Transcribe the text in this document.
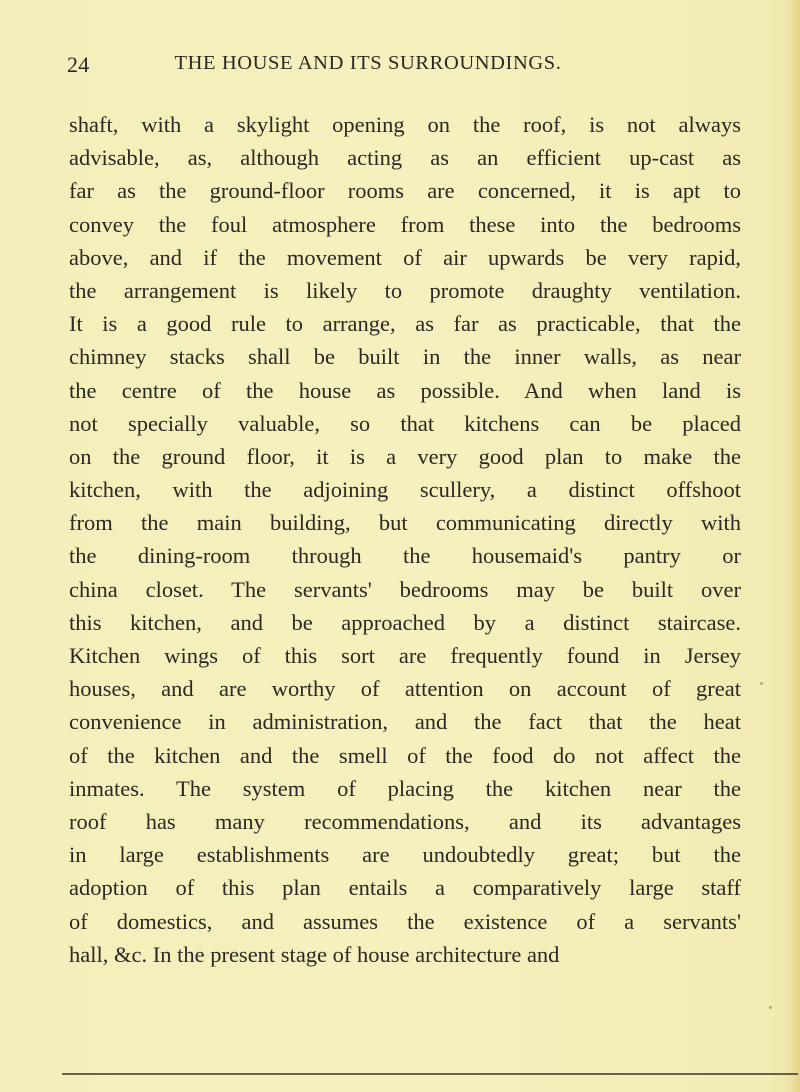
24	THE HOUSE AND ITS SURROUNDINGS.
shaft, with a skylight opening on the roof, is not always
advisable, as, although acting as an efficient up-cast as
far as the ground-floor rooms are concerned, it is apt to
convey the foul atmosphere from these into the bedrooms
above, and if the movement of air upwards be very rapid,
the arrangement is likely to promote draughty ventilation.
It is a good rule to arrange, as far as practicable, that the
chimney stacks shall be built in the inner walls, as near
the centre of the house as possible. And when land is
not specially valuable, so that kitchens can be placed
on the ground floor, it is a very good plan to make the
kitchen, with the adjoining scullery, a distinct offshoot
from the main building, but communicating directly with
the dining-room through the housemaid's pantry or
china closet. The servants' bedrooms may be built over
this kitchen, and be approached by a distinct staircase.
Kitchen wings of this sort are frequently found in Jersey
houses, and are worthy of attention on account of great
convenience in administration, and the fact that the heat
of the kitchen and the smell of the food do not affect the
inmates. The system of placing the kitchen near the
roof has many recommendations, and its advantages
in large establishments are undoubtedly great; but the
adoption of this plan entails a comparatively large staff
of domestics, and assumes the existence of a servants'
hall, &c. In the present stage of house architecture and
